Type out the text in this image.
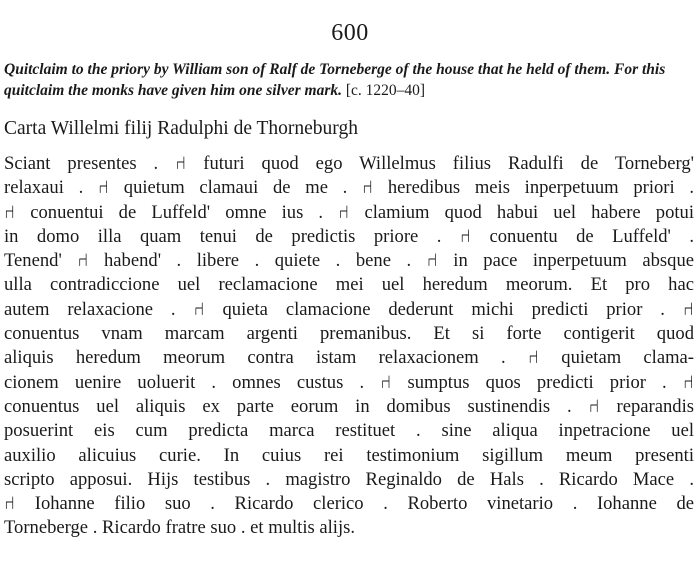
600
Quitclaim to the priory by William son of Ralf de Torneberge of the house that he held of them. For this quitclaim the monks have given him one silver mark. [c. 1220–40]
Carta Willelmi filij Radulphi de Thorneburgh
Sciant presentes . ⑁ futuri quod ego Willelmus filius Radulfi de Torneberg'
relaxaui . ⑁ quietum clamaui de me . ⑁ heredibus meis inperpetuum priori .
⑁ conuentui de Luffeld' omne ius . ⑁ clamium quod habui uel habere potui
in domo illa quam tenui de predictis priore . ⑁ conuentu de Luffeld' .
Tenend' ⑁ habend' . libere . quiete . bene . ⑁ in pace inperpetuum absque
ulla contradiccione uel reclamacione mei uel heredum meorum. Et pro hac
autem relaxacione . ⑁ quieta clamacione dederunt michi predicti prior . ⑁
conuentus vnam marcam argenti premanibus. Et si forte contigerit quod
aliquis heredum meorum contra istam relaxacionem . ⑁ quietam clama-
cionem uenire uoluerit . omnes custus . ⑁ sumptus quos predicti prior . ⑁
conuentus uel aliquis ex parte eorum in domibus sustinendis . ⑁ reparandis
posuerint eis cum predicta marca restituet . sine aliqua inpetracione uel
auxilio alicuius curie. In cuius rei testimonium sigillum meum presenti
scripto apposui. Hijs testibus . magistro Reginaldo de Hals . Ricardo Mace .
⑁ Iohanne filio suo . Ricardo clerico . Roberto vinetario . Iohanne de
Torneberge . Ricardo fratre suo . et multis alijs.
